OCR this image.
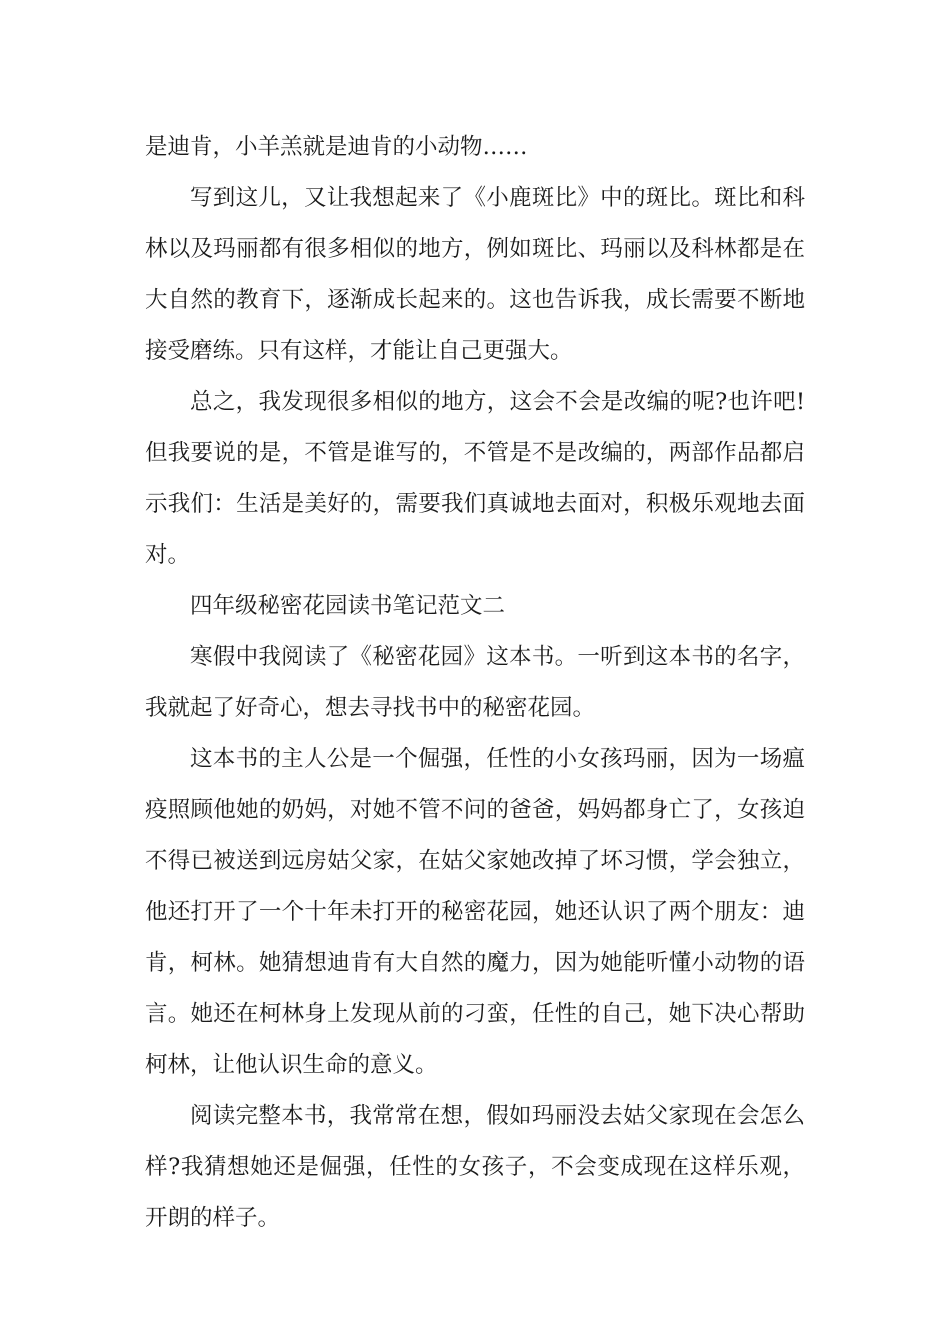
是迪肯，小羊羔就是迪肯的小动物……

写到这儿，又让我想起来了《小鹿斑比》中的斑比。斑比和科林以及玛丽都有很多相似的地方，例如斑比、玛丽以及科林都是在大自然的教育下，逐渐成长起来的。这也告诉我，成长需要不断地接受磨练。只有这样，才能让自己更强大。

总之，我发现很多相似的地方，这会不会是改编的呢?也许吧!但我要说的是，不管是谁写的，不管是不是改编的，两部作品都启示我们：生活是美好的，需要我们真诚地去面对，积极乐观地去面对。

四年级秘密花园读书笔记范文二

寒假中我阅读了《秘密花园》这本书。一听到这本书的名字，我就起了好奇心，想去寻找书中的秘密花园。

这本书的主人公是一个倔强，任性的小女孩玛丽，因为一场瘟疫照顾他她的奶妈，对她不管不问的爸爸，妈妈都身亡了，女孩迫不得已被送到远房姑父家，在姑父家她改掉了坏习惯，学会独立，他还打开了一个十年未打开的秘密花园，她还认识了两个朋友：迪肯，柯林。她猜想迪肯有大自然的魔力，因为她能听懂小动物的语言。她还在柯林身上发现从前的刁蛮，任性的自己，她下决心帮助柯林，让他认识生命的意义。

阅读完整本书，我常常在想，假如玛丽没去姑父家现在会怎么样?我猜想她还是倔强，任性的女孩子，不会变成现在这样乐观，开朗的样子。
